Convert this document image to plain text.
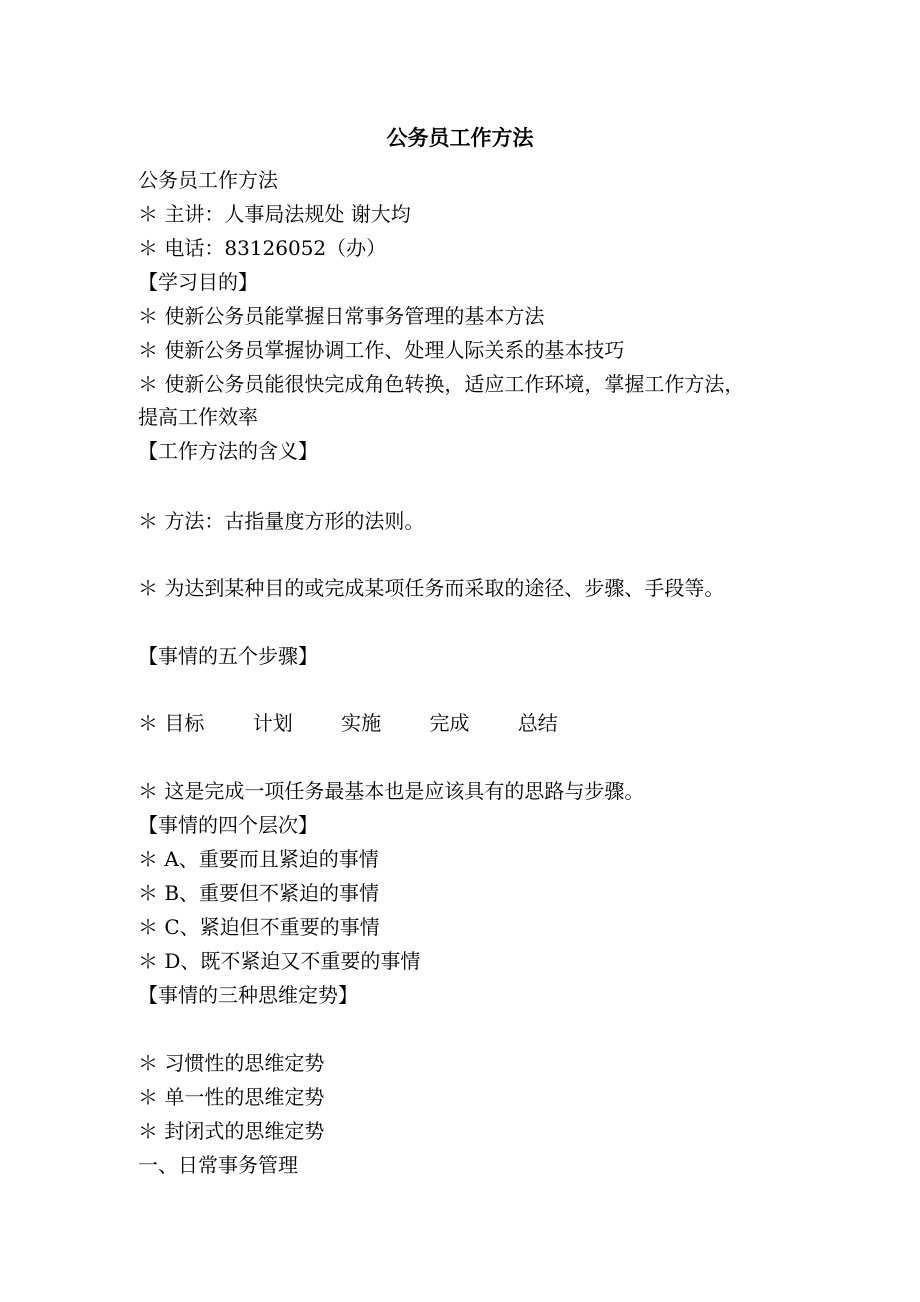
公务员工作方法
公务员工作方法
＊ 主讲：人事局法规处 谢大均
＊ 电话：83126052（办）
【学习目的】
＊ 使新公务员能掌握日常事务管理的基本方法
＊ 使新公务员掌握协调工作、处理人际关系的基本技巧
＊ 使新公务员能很快完成角色转换，适应工作环境，掌握工作方法，
提高工作效率
【工作方法的含义】
＊ 方法：古指量度方形的法则。
＊ 为达到某种目的或完成某项任务而采取的途径、步骤、手段等。
【事情的五个步骤】
＊ 目标 计划 实施 完成 总结
＊ 这是完成一项任务最基本也是应该具有的思路与步骤。
【事情的四个层次】
＊ A、重要而且紧迫的事情
＊ B、重要但不紧迫的事情
＊ C、紧迫但不重要的事情
＊ D、既不紧迫又不重要的事情
【事情的三种思维定势】
＊ 习惯性的思维定势
＊ 单一性的思维定势
＊ 封闭式的思维定势
一、日常事务管理
